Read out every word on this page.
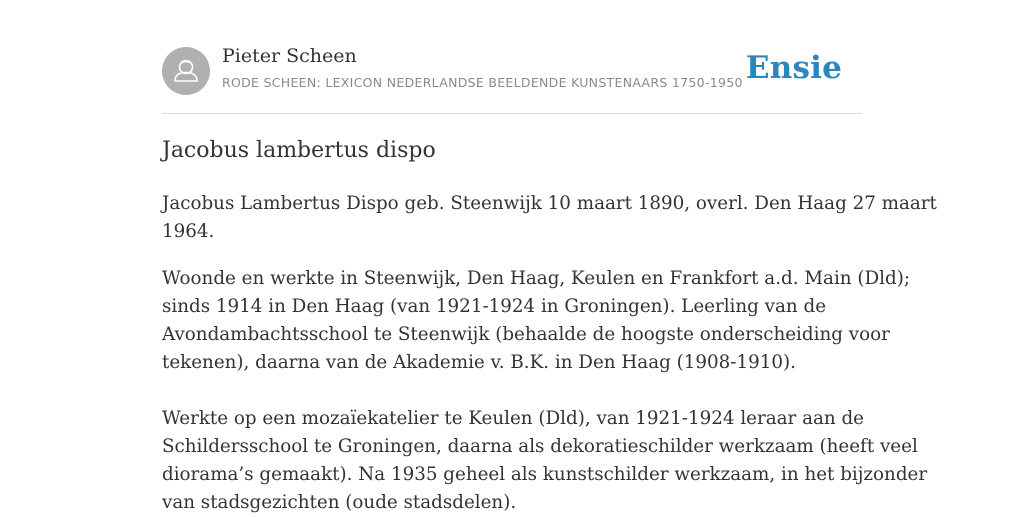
Pieter Scheen
RODE SCHEEN: LEXICON NEDERLANDSE BEELDENDE KUNSTENAARS 1750-1950 Ensie
Jacobus lambertus dispo
Jacobus Lambertus Dispo geb. Steenwijk 10 maart 1890, overl. Den Haag 27 maart
1964.
Woonde en werkte in Steenwijk, Den Haag, Keulen en Frankfort a.d. Main (Dld);
sinds 1914 in Den Haag (van 1921-1924 in Groningen). Leerling van de
Avondambachtsschool te Steenwijk (behaalde de hoogste onderscheiding voor
tekenen), daarna van de Akademie v. B.K. in Den Haag (1908-1910).
Werkte op een mozaïekatelier te Keulen (Dld), van 1921-1924 leraar aan de
Schildersschool te Groningen, daarna als dekoratieschilder werkzaam (heeft veel
diorama’s gemaakt). Na 1935 geheel als kunstschilder werkzaam, in het bijzonder
van stadsgezichten (oude stadsdelen).
